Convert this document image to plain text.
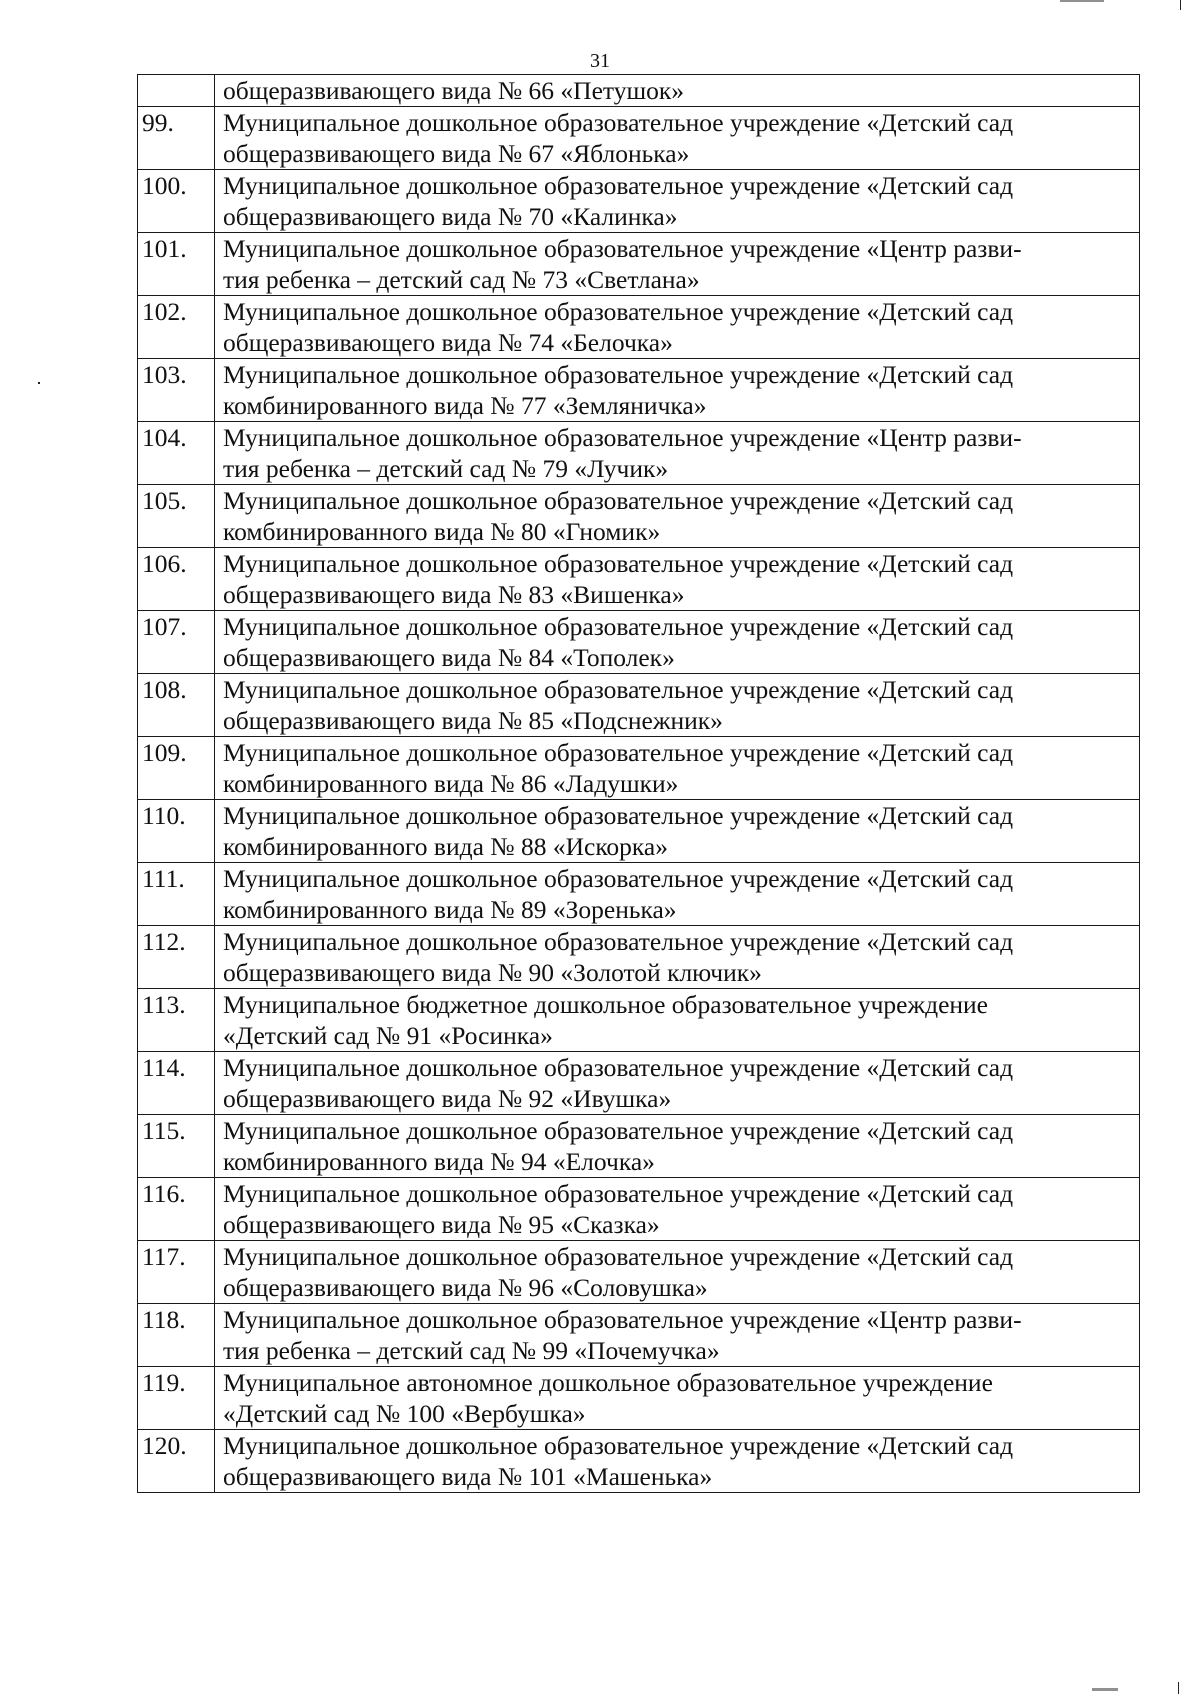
31

	общеразвивающего вида № 66 «Петушок»

99.	Муниципальное дошкольное образовательное учреждение «Детский сад
общеразвивающего вида № 67 «Яблонька»

100.	Муниципальное дошкольное образовательное учреждение «Детский сад
общеразвивающего вида № 70 «Калинка»

101.	Муниципальное дошкольное образовательное учреждение «Центр разви-
тия ребенка – детский сад № 73 «Светлана»

102.	Муниципальное дошкольное образовательное учреждение «Детский сад
общеразвивающего вида № 74 «Белочка»

103.	Муниципальное дошкольное образовательное учреждение «Детский сад
комбинированного вида № 77 «Земляничка»

104.	Муниципальное дошкольное образовательное учреждение «Центр разви-
тия ребенка – детский сад № 79 «Лучик»

105.	Муниципальное дошкольное образовательное учреждение «Детский сад
комбинированного вида № 80 «Гномик»

106.	Муниципальное дошкольное образовательное учреждение «Детский сад
общеразвивающего вида № 83 «Вишенка»

107.	Муниципальное дошкольное образовательное учреждение «Детский сад
общеразвивающего вида № 84 «Тополек»

108.	Муниципальное дошкольное образовательное учреждение «Детский сад
общеразвивающего вида № 85 «Подснежник»

109.	Муниципальное дошкольное образовательное учреждение «Детский сад
комбинированного вида № 86 «Ладушки»

110.	Муниципальное дошкольное образовательное учреждение «Детский сад
комбинированного вида № 88 «Искорка»

111.	Муниципальное дошкольное образовательное учреждение «Детский сад
комбинированного вида № 89 «Зоренька»

112.	Муниципальное дошкольное образовательное учреждение «Детский сад
общеразвивающего вида № 90 «Золотой ключик»

113.	Муниципальное бюджетное дошкольное образовательное учреждение
«Детский сад № 91 «Росинка»

114.	Муниципальное дошкольное образовательное учреждение «Детский сад
общеразвивающего вида № 92 «Ивушка»

115.	Муниципальное дошкольное образовательное учреждение «Детский сад
комбинированного вида № 94 «Елочка»

116.	Муниципальное дошкольное образовательное учреждение «Детский сад
общеразвивающего вида № 95 «Сказка»

117.	Муниципальное дошкольное образовательное учреждение «Детский сад
общеразвивающего вида № 96 «Соловушка»

118.	Муниципальное дошкольное образовательное учреждение «Центр разви-
тия ребенка – детский сад № 99 «Почемучка»

119.	Муниципальное автономное дошкольное образовательное учреждение
«Детский сад № 100 «Вербушка»

120.	Муниципальное дошкольное образовательное учреждение «Детский сад
общеразвивающего вида № 101 «Машенька»
